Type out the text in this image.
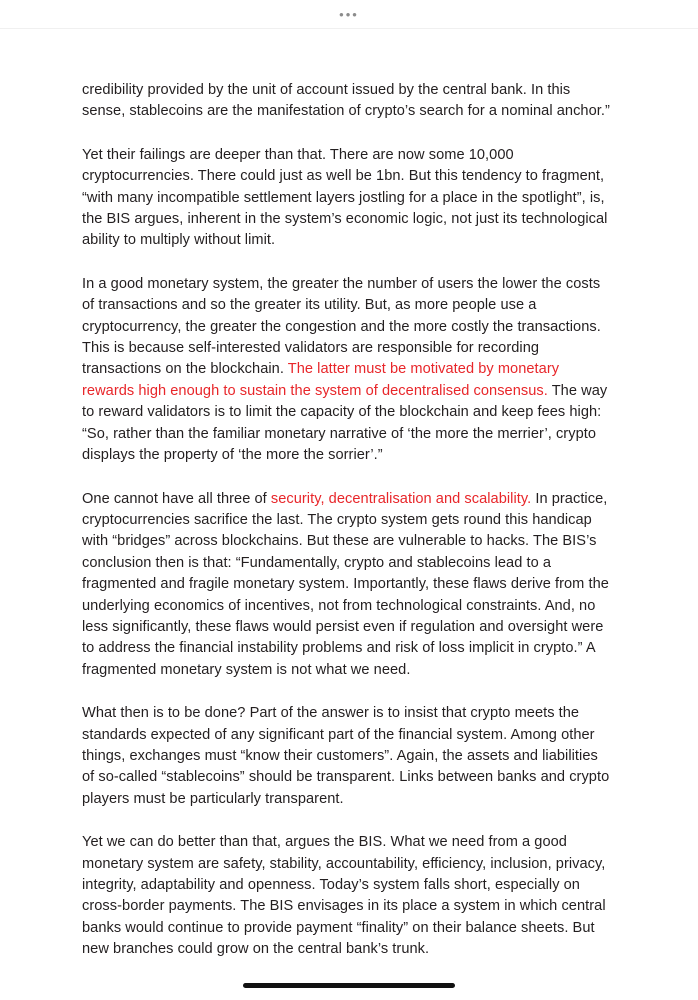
•••

credibility provided by the unit of account issued by the central bank. In this sense, stablecoins are the manifestation of crypto’s search for a nominal anchor.”

Yet their failings are deeper than that. There are now some 10,000 cryptocurrencies. There could just as well be 1bn. But this tendency to fragment, “with many incompatible settlement layers jostling for a place in the spotlight”, is, the BIS argues, inherent in the system’s economic logic, not just its technological ability to multiply without limit.

In a good monetary system, the greater the number of users the lower the costs of transactions and so the greater its utility. But, as more people use a cryptocurrency, the greater the congestion and the more costly the transactions. This is because self-interested validators are responsible for recording transactions on the blockchain. The latter must be motivated by monetary rewards high enough to sustain the system of decentralised consensus. The way to reward validators is to limit the capacity of the blockchain and keep fees high: “So, rather than the familiar monetary narrative of ‘the more the merrier’, crypto displays the property of ‘the more the sorrier’.”

One cannot have all three of security, decentralisation and scalability. In practice, cryptocurrencies sacrifice the last. The crypto system gets round this handicap with “bridges” across blockchains. But these are vulnerable to hacks. The BIS’s conclusion then is that: “Fundamentally, crypto and stablecoins lead to a fragmented and fragile monetary system. Importantly, these flaws derive from the underlying economics of incentives, not from technological constraints. And, no less significantly, these flaws would persist even if regulation and oversight were to address the financial instability problems and risk of loss implicit in crypto.” A fragmented monetary system is not what we need.

What then is to be done? Part of the answer is to insist that crypto meets the standards expected of any significant part of the financial system. Among other things, exchanges must “know their customers”. Again, the assets and liabilities of so-called “stablecoins” should be transparent. Links between banks and crypto players must be particularly transparent.

Yet we can do better than that, argues the BIS. What we need from a good monetary system are safety, stability, accountability, efficiency, inclusion, privacy, integrity, adaptability and openness. Today’s system falls short, especially on cross-border payments. The BIS envisages in its place a system in which central banks would continue to provide payment “finality” on their balance sheets. But new branches could grow on the central bank’s trunk.
